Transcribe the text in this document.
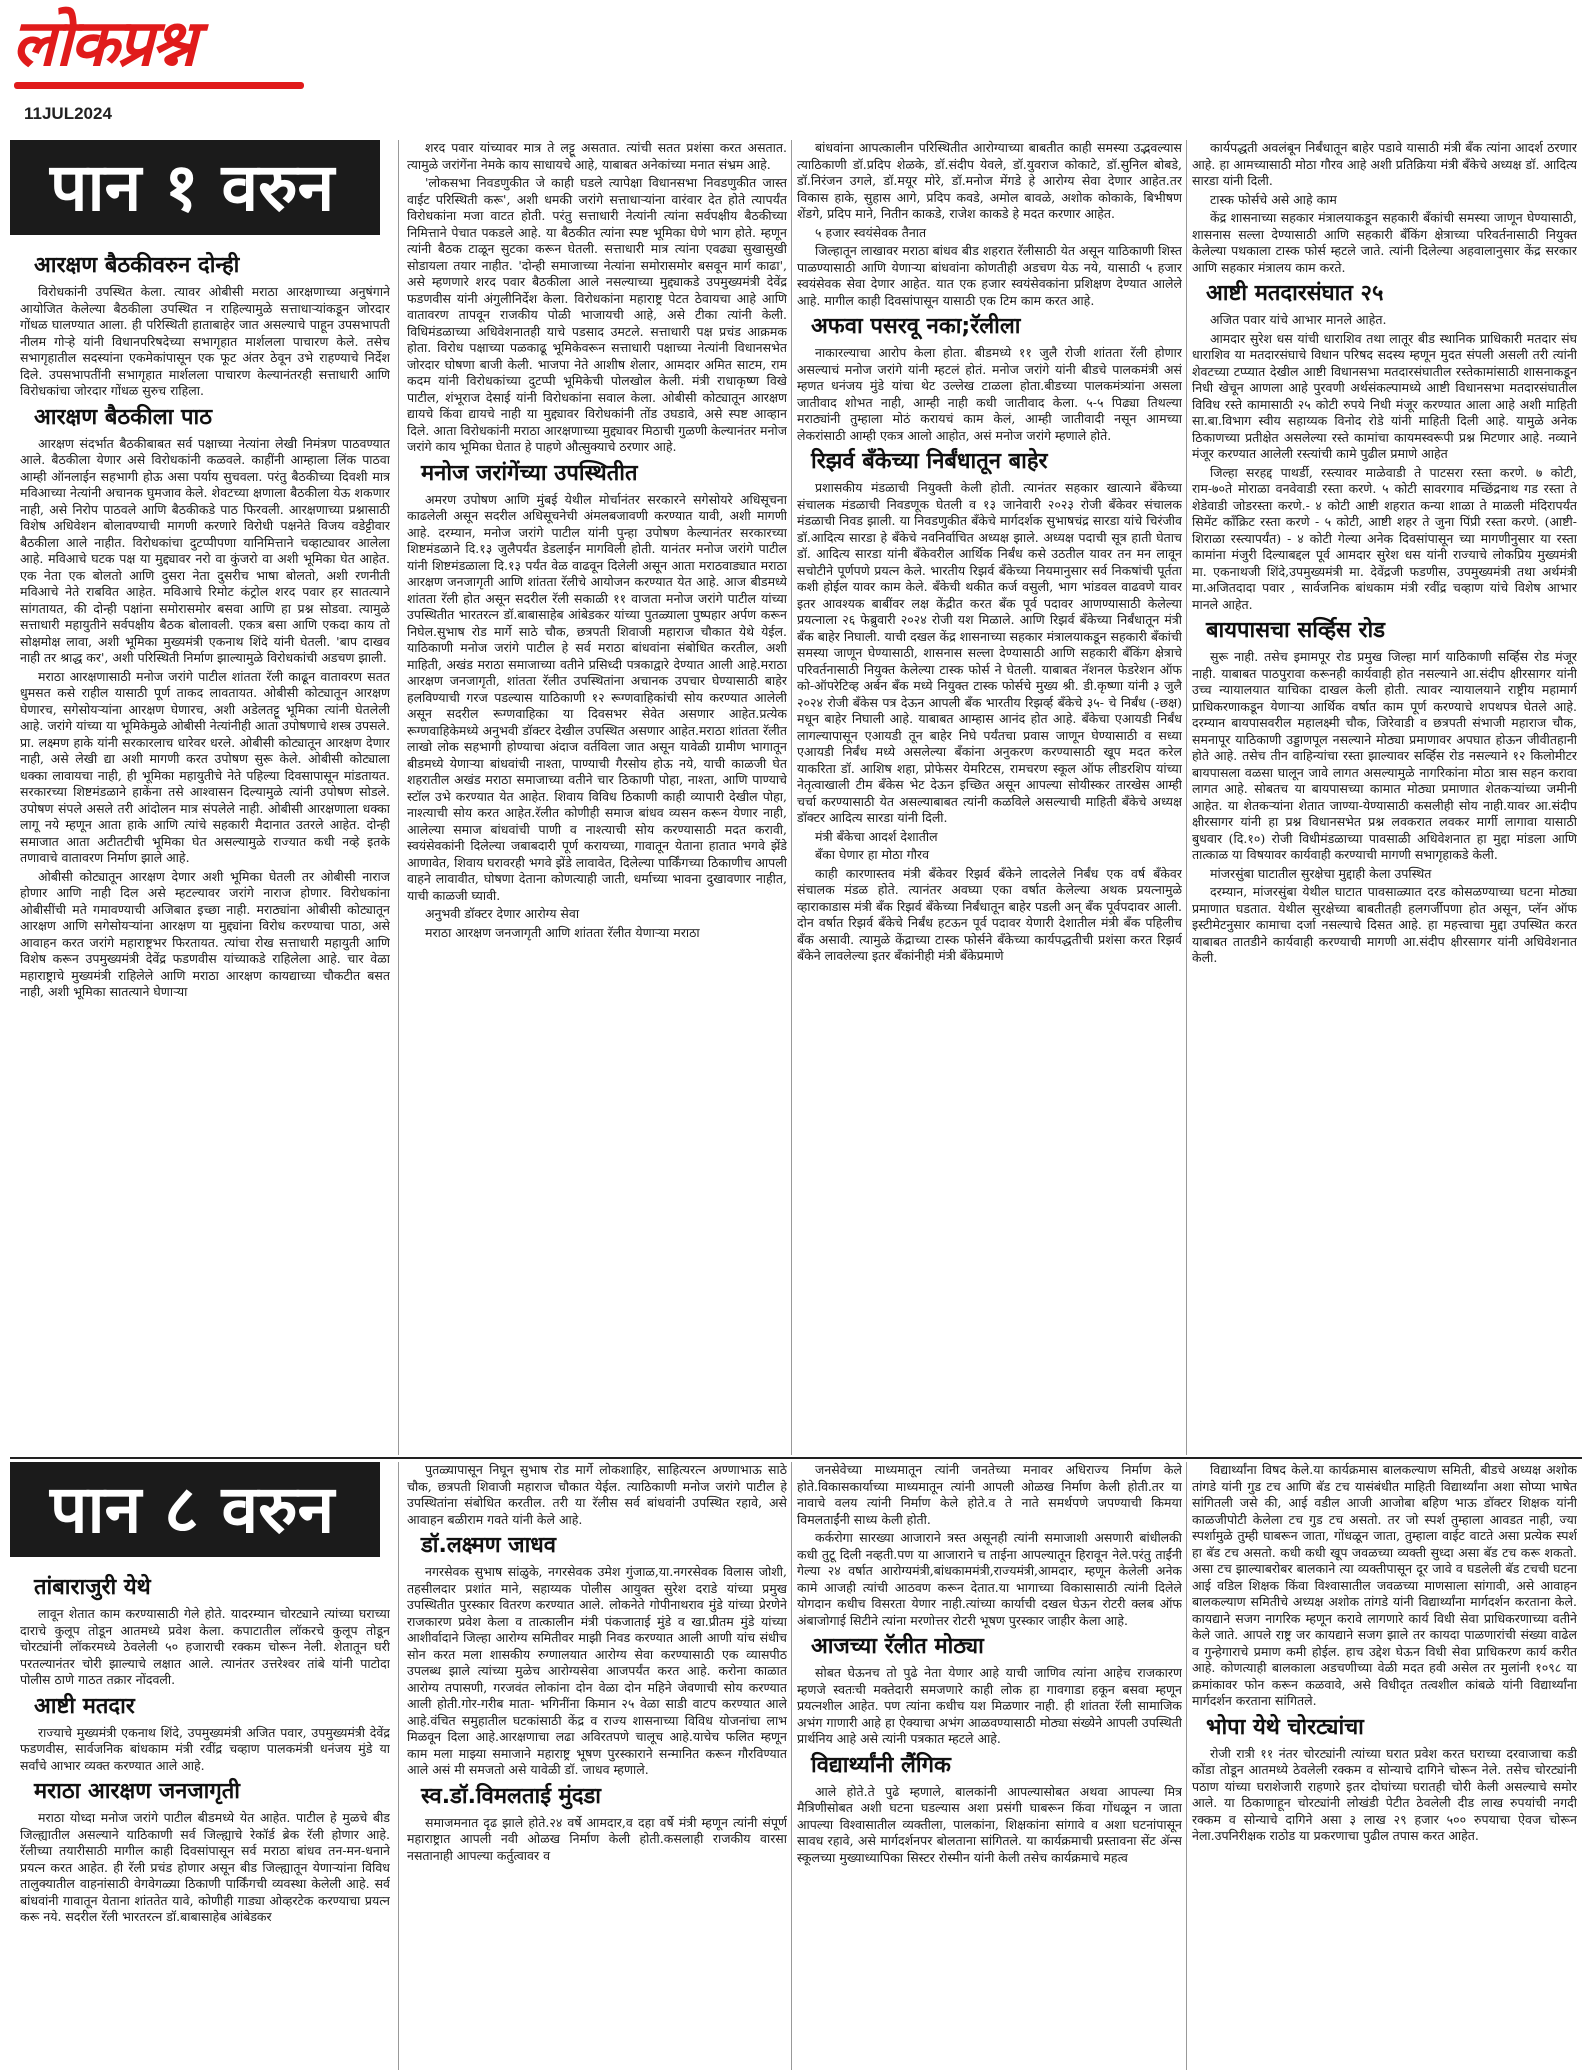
लोकप्रश्न
11JUL2024
पान १ वरुन
आरक्षण बैठकीवरुन दोन्ही

विरोधकांनी उपस्थित केला. त्यावर ओबीसी मराठा आरक्षणाच्या अनुषंगाने आयोजित केलेल्या बैठकीला उपस्थित न राहिल्यामुळे सत्ताधाऱ्यांकडून जोरदार गोंधळ घालण्यात आला. ही परिस्थिती हाताबाहेर जात असल्याचे पाहून उपसभापती नीलम गोऱ्हे यांनी विधानपरिषदेच्या सभागृहात मार्शलला पाचारण केले. तसेच सभागृहातील सदस्यांना एकमेकांपासून एक फूट अंतर ठेवून उभे राहण्याचे निर्देश दिले. उपसभापतींनी सभागृहात मार्शलला पाचारण केल्यानंतरही सत्ताधारी आणि विरोधकांचा जोरदार गोंधळ सुरुच राहिला.

आरक्षण बैठकीला पाठ

आरक्षण संदर्भात बैठकीबाबत सर्व पक्षाच्या नेत्यांना लेखी निमंत्रण पाठवण्यात आले. बैठकीला येणार असे विरोधकांनी कळवले. काहींनी आम्हाला लिंक पाठवा आम्ही ऑनलाईन सहभागी होऊ असा पर्याय सुचवला. परंतु बैठकीच्या दिवशी मात्र मविआच्या नेत्यांनी अचानक घुमजाव केले. शेवटच्या क्षणाला बैठकीला येऊ शकणार नाही, असे निरोप पाठवले आणि बैठकीकडे पाठ फिरवली. आरक्षणाच्या प्रश्नासाठी विशेष अधिवेशन बोलावण्याची मागणी करणारे विरोधी पक्षनेते विजय वडेट्टीवार बैठकीला आले नाहीत. विरोधकांचा दुटप्पीपणा यानिमित्ताने चव्हाट्यावर आलेला आहे. मविआचे घटक पक्ष या मुद्द्यावर नरो वा कुंजरो वा अशी भूमिका घेत आहेत. एक नेता एक बोलतो आणि दुसरा नेता दुसरीच भाषा बोलतो, अशी रणनीती मविआचे नेते राबवित आहेत. मविआचे रिमोट कंट्रोल शरद पवार हर सातत्याने सांगतायत, की दोन्ही पक्षांना समोरासमोर बसवा आणि हा प्रश्न सोडवा. त्यामुळे सत्ताधारी महायुतीने सर्वपक्षीय बैठक बोलावली. एकत्र बसा आणि एकदा काय तो सोक्षमोक्ष लावा, अशी भूमिका मुख्यमंत्री एकनाथ शिंदे यांनी घेतली. 'बाप दाखव नाही तर श्राद्ध कर', अशी परिस्थिती निर्माण झाल्यामुळे विरोधकांची अडचण झाली.

मराठा आरक्षणासाठी मनोज जरांगे पाटील शांतता रॅली काढून वातावरण सतत धुमसत कसे राहील यासाठी पूर्ण ताकद लावतायत. ओबीसी कोट्यातून आरक्षण घेणारच, सगेसोयऱ्यांना आरक्षण घेणारच, अशी अडेलतट्टू भूमिका त्यांनी घेतलेली आहे. जरांगे यांच्या या भूमिकेमुळे ओबीसी नेत्यांनीही आता उपोषणाचे शस्त्र उपसले. प्रा. लक्ष्मण हाके यांनी सरकारलाच धारेवर धरले. ओबीसी कोट्यातून आरक्षण देणार नाही, असे लेखी द्या अशी मागणी करत उपोषण सुरू केले. ओबीसी कोट्याला धक्का लावायचा नाही, ही भूमिका महायुतीचे नेते पहिल्या दिवसापासून मांडतायत. सरकारच्या शिष्टमंडळाने हाकेंना तसे आश्वासन दिल्यामुळे त्यांनी उपोषण सोडले. उपोषण संपले असले तरी आंदोलन मात्र संपलेले नाही. ओबीसी आरक्षणाला धक्का लागू नये म्हणून आता हाके आणि त्यांचे सहकारी मैदानात उतरले आहेत. दोन्ही समाजात आता अटीतटीची भूमिका घेत असल्यामुळे राज्यात कधी नव्हे इतके तणावाचे वातावरण निर्माण झाले आहे.

ओबीसी कोट्यातून आरक्षण देणार अशी भूमिका घेतली तर ओबीसी नाराज होणार आणि नाही दिल असे म्हटल्यावर जरांगे नाराज होणार. विरोधकांना ओबीसींची मते गमावण्याची अजिबात इच्छा नाही. मराठ्यांना ओबीसी कोट्यातून आरक्षण आणि सगेसोयऱ्यांना आरक्षण या मुद्द्यांना विरोध करण्याचा पाठा, असे आवाहन करत जरांगे महाराष्ट्रभर फिरतायत. त्यांचा रोख सत्ताधारी महायुती आणि विशेष करून उपमुख्यमंत्री देवेंद्र फडणवीस यांच्याकडे राहिलेला आहे. चार वेळा महाराष्ट्राचे मुख्यमंत्री राहिलेले आणि मराठा आरक्षण कायद्याच्या चौकटीत बसत नाही, अशी भूमिका सातत्याने घेणाऱ्या

शरद पवार यांच्यावर मात्र ते लट्टू असतात. त्यांची सतत प्रशंसा करत असतात. त्यामुळे जरांगेंना नेमके काय साधायचे आहे, याबाबत अनेकांच्या मनात संभ्रम आहे.

'लोकसभा निवडणुकीत जे काही घडले त्यापेक्षा विधानसभा निवडणुकीत जास्त वाईट परिस्थिती करू', अशी धमकी जरांगे सत्ताधाऱ्यांना वारंवार देत होते त्यापर्यंत विरोधकांना मजा वाटत होती. परंतु सत्ताधारी नेत्यांनी त्यांना सर्वपक्षीय बैठकीच्या निमित्ताने पेचात पकडले आहे. या बैठकीत त्यांना स्पष्ट भूमिका घेणे भाग होते. म्हणून त्यांनी बैठक टाळून सुटका करून घेतली. सत्ताधारी मात्र त्यांना एवढ्या सुखासुखी सोडायला तयार नाहीत. 'दोन्ही समाजाच्या नेत्यांना समोरासमोर बसवून मार्ग काढा', असे म्हणणारे शरद पवार बैठकीला आले नसल्याच्या मुद्द्याकडे उपमुख्यमंत्री देवेंद्र फडणवीस यांनी अंगुलीनिर्देश केला. विरोधकांना महाराष्ट्र पेटत ठेवायचा आहे आणि वातावरण तापवून राजकीय पोळी भाजायची आहे, असे टीका त्यांनी केली. विधिमंडळाच्या अधिवेशनातही याचे पडसाद उमटले. सत्ताधारी पक्ष प्रचंड आक्रमक होता. विरोध पक्षाच्या पळकाढू भूमिकेवरून सत्ताधारी पक्षाच्या नेत्यांनी विधानसभेत जोरदार घोषणा बाजी केली. भाजपा नेते आशीष शेलार, आमदार अमित साटम, राम कदम यांनी विरोधकांच्या दुटप्पी भूमिकेची पोलखोल केली. मंत्री राधाकृष्ण विखे पाटील, शंभूराज देसाई यांनी विरोधकांना सवाल केला. ओबीसी कोट्यातून आरक्षण द्यायचे किंवा द्यायचे नाही या मुद्द्यावर विरोधकांनी तोंड उघडावे, असे स्पष्ट आव्हान दिले. आता विरोधकांनी मराठा आरक्षणाच्या मुद्द्यावर मिठाची गुळणी केल्यानंतर मनोज जरांगे काय भूमिका घेतात हे पाहणे औत्सुक्याचे ठरणार आहे.

मनोज जरांगेंच्या उपस्थितीत

अमरण उपोषण आणि मुंबई येथील मोर्चानंतर सरकारने सगेसोयरे अधिसूचना काढलेली असून सदरील अधिसूचनेची अंमलबजावणी करण्यात यावी, अशी मागणी आहे. दरम्यान, मनोज जरांगे पाटील यांनी पुन्हा उपोषण केल्यानंतर सरकारच्या शिष्टमंडळाने दि.१३ जुलैपर्यंत डेडलाईन मागविली होती. यानंतर मनोज जरांगे पाटील यांनी शिष्टमंडळाला दि.१३ पर्यंत वेळ वाढवून दिलेली असून आता मराठवाड्यात मराठा आरक्षण जनजागृती आणि शांतता रॅलीचे आयोजन करण्यात येत आहे. आज बीडमध्ये शांतता रॅली होत असून सदरील रॅली सकाळी ११ वाजता मनोज जरांगे पाटील यांच्या उपस्थितीत भारतरत्न डॉ.बाबासाहेब आंबेडकर यांच्या पुतळ्याला पुष्पहार अर्पण करून निघेल.सुभाष रोड मार्गे साठे चौक, छत्रपती शिवाजी महाराज चौकात येथे येईल. याठिकाणी मनोज जरांगे पाटील हे सर्व मराठा बांधवांना संबोधित करतील, अशी माहिती, अखंड मराठा समाजाच्या वतीने प्रसिध्दी पत्रकाद्वारे देण्यात आली आहे.मराठा आरक्षण जनजागृती, शांतता रॅलीत उपस्थितांना अचानक उपचार घेण्यासाठी बाहेर हलविण्याची गरज पडल्यास याठिकाणी १२ रूग्णवाहिकांची सोय करण्यात आलेली असून सदरील रूग्णवाहिका या दिवसभर सेवेत असणार आहेत.प्रत्येक रूग्णवाहिकेमध्ये अनुभवी डॉक्टर देखील उपस्थित असणार आहेत.मराठा शांतता रॅलीत लाखो लोक सहभागी होण्याचा अंदाज वर्तविला जात असून यावेळी ग्रामीण भागातून बीडमध्ये येणाऱ्या बांधवांची नाश्ता, पाण्याची गैरसोय होऊ नये, याची काळजी घेत शहरातील अखंड मराठा समाजाच्या वतीने चार ठिकाणी पोहा, नाश्ता, आणि पाण्याचे स्टॉल उभे करण्यात येत आहेत. शिवाय विविध ठिकाणी काही व्यापारी देखील पोहा, नाश्त्याची सोय करत आहेत.रॅलीत कोणीही समाज बांधव व्यसन करून येणार नाही, आलेल्या समाज बांधवांची पाणी व नाश्त्याची सोय करण्यासाठी मदत करावी, स्वयंसेवकांनी दिलेल्या जबाबदारी पूर्ण करायच्या, गावातून येताना हातात भगवे झेंडे आणावेत, शिवाय घरावरही भगवे झेंडे लावावेत, दिलेल्या पार्किंगच्या ठिकाणीच आपली वाहने लावावीत, घोषणा देताना कोणत्याही जाती, धर्माच्या भावना दुखावणार नाहीत, याची काळजी घ्यावी.

अनुभवी डॉक्टर देणार आरोग्य सेवा

मराठा आरक्षण जनजागृती आणि शांतता रॅलीत येणाऱ्या मराठा

बांधवांना आपत्कालीन परिस्थितीत आरोग्याच्या बाबतीत काही समस्या उद्भवल्यास त्याठिकाणी डॉ.प्रदिप शेळके, डॉ.संदीप येवले, डॉ.युवराज कोकाटे, डॉ.सुनिल बोबडे, डॉ.निरंजन उगले, डॉ.मयूर मोरे, डॉ.मनोज मेंगडे हे आरोग्य सेवा देणार आहेत.तर विकास हाके, सुहास आगे, प्रदिप कवडे, अमोल बावळे, अशोक कोकाके, बिभीषण शेंडगे, प्रदिप माने, नितीन काकडे, राजेश काकडे हे मदत करणार आहेत.

५ हजार स्वयंसेवक तैनात

जिल्हातून लाखावर मराठा बांधव बीड शहरात रॅलीसाठी येत असून याठिकाणी शिस्त पाळण्यासाठी आणि येणाऱ्या बांधवांना कोणतीही अडचण येऊ नये, यासाठी ५ हजार स्वयंसेवक सेवा देणार आहेत. यात एक हजार स्वयंसेवकांना प्रशिक्षण देण्यात आलेले आहे. मागील काही दिवसांपासून यासाठी एक टिम काम करत आहे.

अफवा पसरवू नका;रॅलीला

नाकारल्याचा आरोप केला होता. बीडमध्ये ११ जुलै रोजी शांतता रॅली होणार असल्याचं मनोज जरांगे यांनी म्हटलं होतं. मनोज जरांगे यांनी बीडचे पालकमंत्री असं म्हणत धनंजय मुंडे यांचा थेट उल्लेख टाळला होता.बीडच्या पालकमंत्र्यांना असला जातीवाद शोभत नाही, आम्ही नाही कधी जातीवाद केला. ५-५ पिढ्या तिथल्या मराठ्यांनी तुम्हाला मोठं करायचं काम केलं, आम्ही जातीवादी नसून आमच्या लेकरांसाठी आम्ही एकत्र आलो आहोत, असं मनोज जरांगे म्हणाले होते.

रिझर्व बँकेच्या निर्बंधातून बाहेर

प्रशासकीय मंडळाची नियुक्ती केली होती. त्यानंतर सहकार खात्याने बँकेच्या संचालक मंडळाची निवडणूक घेतली व १३ जानेवारी २०२३ रोजी बँकेवर संचालक मंडळाची निवड झाली. या निवडणुकीत बँकेचे मार्गदर्शक सुभाषचंद्र सारडा यांचे चिरंजीव डॉ.आदित्य सारडा हे बँकेचे नवनिर्वाचित अध्यक्ष झाले. अध्यक्ष पदाची सूत्र हाती घेताच डॉ. आदित्य सारडा यांनी बँकेवरील आर्थिक निर्बंध कसे उठतील यावर तन मन लावून सचोटीने पूर्णपणे प्रयत्न केले. भारतीय रिझर्व बँकेच्या नियमानुसार सर्व निकषांची पूर्तता कशी होईल यावर काम केले. बँकेची थकीत कर्ज वसुली, भाग भांडवल वाढवणे यावर इतर आवश्यक बाबींवर लक्ष केंद्रीत करत बँक पूर्व पदावर आणण्यासाठी केलेल्या प्रयत्नाला २६ फेब्रुवारी २०२४ रोजी यश मिळाले. आणि रिझर्व बँकेच्या निर्बंधातून मंत्री बँक बाहेर निघाली. याची दखल केंद्र शासनाच्या सहकार मंत्रालयाकडून सहकारी बँकांची समस्या जाणून घेण्यासाठी, शासनास सल्ला देण्यासाठी आणि सहकारी बँकिंग क्षेत्राचे परिवर्तनासाठी नियुक्त केलेल्या टास्क फोर्स ने घेतली. याबाबत नॅशनल फेडरेशन ऑफ को-ऑपरेटिव्ह अर्बन बँक मध्ये नियुक्त टास्क फोर्सचे मुख्य श्री. डी.कृष्णा यांनी ३ जुलै २०२४ रोजी बँकेस पत्र देऊन आपली बँक भारतीय रिझर्व्ह बँकेचे ३५- चे निर्बंध (-छक्ष) मधून बाहेर निघाली आहे. याबाबत आम्हास आनंद होत आहे. बँकेचा एआयडी निर्बंध लागल्यापासून एआयडी तून बाहेर निघे पर्यंतचा प्रवास जाणून घेण्यासाठी व सध्या एआयडी निर्बंध मध्ये असलेल्या बँकांना अनुकरण करण्यासाठी खूप मदत करेल याकरिता डॉ. आशिष शहा, प्रोफेसर येमरिटस, रामचरण स्कूल ऑफ लीडरशिप यांच्या नेतृत्वाखाली टीम बँकेस भेट देऊन इच्छित असून आपल्या सोयीस्कर तारखेस आम्ही चर्चा करण्यासाठी येत असल्याबाबत त्यांनी कळविले असल्याची माहिती बँकेचे अध्यक्ष डॉक्टर आदित्य सारडा यांनी दिली.

मंत्री बँकेचा आदर्श देशातील

बँका घेणार हा मोठा गौरव

काही कारणास्तव मंत्री बँकेवर रिझर्व बँकेने लादलेले निर्बंध एक वर्ष बँकेवर संचालक मंडळ होते. त्यानंतर अवघ्या एका वर्षात केलेल्या अथक प्रयत्नामुळे व्हाराकाडास मंत्री बँक रिझर्व बँकेच्या निर्बंधातून बाहेर पडली अन् बँक पूर्वपदावर आली. दोन वर्षात रिझर्व बँकेचे निर्बंध हटऊन पूर्व पदावर येणारी देशातील मंत्री बँक पहिलीच बँक असावी. त्यामुळे केंद्राच्या टास्क फोर्सने बँकेच्या कार्यपद्धतीची प्रशंसा करत रिझर्व बँकेने लावलेल्या इतर बँकांनीही मंत्री बँकेप्रमाणे

कार्यपद्धती अवलंबून निर्बंधातून बाहेर पडावे यासाठी मंत्री बँक त्यांना आदर्श ठरणार आहे. हा आमच्यासाठी मोठा गौरव आहे अशी प्रतिक्रिया मंत्री बँकेचे अध्यक्ष डॉ. आदित्य सारडा यांनी दिली.

टास्क फोर्सचे असे आहे काम

केंद्र शासनाच्या सहकार मंत्रालयाकडून सहकारी बँकांची समस्या जाणून घेण्यासाठी, शासनास सल्ला देण्यासाठी आणि सहकारी बँकिंग क्षेत्राच्या परिवर्तनासाठी नियुक्त केलेल्या पथकाला टास्क फोर्स म्हटले जाते. त्यांनी दिलेल्या अहवालानुसार केंद्र सरकार आणि सहकार मंत्रालय काम करते.

आष्टी मतदारसंघात २५

अजित पवार यांचे आभार मानले आहेत.

आमदार सुरेश धस यांची धाराशिव तथा लातूर बीड स्थानिक प्राधिकारी मतदार संघ धाराशिव या मतदारसंघाचे विधान परिषद सदस्य म्हणून मुदत संपली असली तरी त्यांनी शेवटच्या टप्प्यात देखील आष्टी विधानसभा मतदारसंघातील रस्तेकामांसाठी शासनाकडून निधी खेचून आणला आहे पुरवणी अर्थसंकल्पामध्ये आष्टी विधानसभा मतदारसंघातील विविध रस्ते कामासाठी २५ कोटी रुपये निधी मंजूर करण्यात आला आहे अशी माहिती सा.बा.विभाग स्वीय सहाय्यक विनोद रोडे यांनी माहिती दिली आहे. यामुळे अनेक ठिकाणच्या प्रतीक्षेत असलेल्या रस्ते कामांचा कायमस्वरूपी प्रश्न मिटणार आहे. नव्याने मंजूर करण्यात आलेली रस्त्यांची कामे पुढील प्रमाणे आहेत

जिल्हा सरहद्द पाथर्डी, रस्त्यावर माळेवाडी ते पाटसरा रस्ता करणे. ७ कोटी, राम-७०ते मोराळा वनवेवाडी रस्ता करणे. ५ कोटी सावरगाव मच्छिंद्रनाथ गड रस्ता ते शेडेवाडी जोडरस्ता करणे.- ४ कोटी आष्टी शहरात कन्या शाळा ते माळली मंदिरापर्यंत सिमेंट कॉंक्रिट रस्ता करणे - ५ कोटी, आष्टी शहर ते जुना पिंप्री रस्ता करणे. (आष्टी-शिराळा रस्त्यापर्यंत) - ४ कोटी गेल्या अनेक दिवसांपासून च्या मागणीनुसार या रस्ता कामांना मंजुरी दिल्याबद्दल पूर्व आमदार सुरेश धस यांनी राज्याचे लोकप्रिय मुख्यमंत्री मा. एकनाथजी शिंदे,उपमुख्यमंत्री मा. देवेंद्रजी फडणीस, उपमुख्यमंत्री तथा अर्थमंत्री मा.अजितदादा पवार , सार्वजनिक बांधकाम मंत्री रवींद्र चव्हाण यांचे विशेष आभार मानले आहेत.

बायपासचा सर्व्हिस रोड

सुरू नाही. तसेच इमामपूर रोड प्रमुख जिल्हा मार्ग याठिकाणी सर्व्हिस रोड मंजूर नाही. याबाबत पाठपुरावा करूनही कार्यवाही होत नसल्याने आ.संदीप क्षीरसागर यांनी उच्च न्यायालयात याचिका दाखल केली होती. त्यावर न्यायालयाने राष्ट्रीय महामार्ग प्राधिकरणाकडून येणार्‍या आर्थिक वर्षात काम पूर्ण करण्याचे शपथपत्र घेतले आहे. दरम्यान बायपासवरील महालक्ष्मी चौक, जिरेवाडी व छत्रपती संभाजी महाराज चौक, समनापूर याठिकाणी उड्डाणपूल नसल्याने मोठ्या प्रमाणावर अपघात होऊन जीवीतहानी होते आहे. तसेच तीन वाहिन्यांचा रस्ता झाल्यावर सर्व्हिस रोड नसल्याने १२ किलोमीटर बायपासला वळसा घालून जावे लागत असल्यामुळे नागरिकांना मोठा त्रास सहन करावा लागत आहे. सोबतच या बायपासच्या कामात मोठ्या प्रमाणात शेतकऱ्यांच्या जमीनी आहेत. या शेतकऱ्यांना शेतात जाण्या-येण्यासाठी कसलीही सोय नाही.यावर आ.संदीप क्षीरसागर यांनी हा प्रश्न विधानसभेत प्रश्न लवकरात लवकर मार्गी लागावा यासाठी बुधवार (दि.१०) रोजी विधीमंडळाच्या पावसाळी अधिवेशनात हा मुद्दा मांडला आणि तात्काळ या विषयावर कार्यवाही करण्याची मागणी सभागृहाकडे केली.

मांजरसुंबा घाटातील सुरक्षेचा मुद्दाही केला उपस्थित

दरम्यान, मांजरसुंबा येथील घाटात पावसाळ्यात दरड कोसळण्याच्या घटना मोठ्या प्रमाणात घडतात. येथील सुरक्षेच्या बाबतीतही हलगर्जीपणा होत असून, प्लॅन ऑफ इस्टीमेटनुसार कामाचा दर्जा नसल्याचे दिसत आहे. हा महत्त्वाचा मुद्दा उपस्थित करत याबाबत तातडीने कार्यवाही करण्याची मागणी आ.संदीप क्षीरसागर यांनी अधिवेशनात केली.

पान ८ वरुन
तांबाराजुरी येथे

लावून शेतात काम करण्यासाठी गेले होते. यादरम्यान चोरट्याने त्यांच्या घराच्या दाराचे कुलूप तोडून आतमध्ये प्रवेश केला. कपाटातील लॉकरचे कुलूप तोडून चोरट्यांनी लॉकरमध्ये ठेवलेली ५० हजाराची रक्कम चोरून नेली. शेतातून घरी परतल्यानंतर चोरी झाल्याचे लक्षात आले. त्यानंतर उत्तरेश्वर तांबे यांनी पाटोदा पोलीस ठाणे गाठत तक्रार नोंदवली.

आष्टी मतदार

राज्याचे मुख्यमंत्री एकनाथ शिंदे, उपमुख्यमंत्री अजित पवार, उपमुख्यमंत्री देवेंद्र फडणवीस, सार्वजनिक बांधकाम मंत्री रवींद्र चव्हाण पालकमंत्री धनंजय मुंडे या सर्वांचे आभार व्यक्त करण्यात आले आहे.

मराठा आरक्षण जनजागृती

मराठा योध्दा मनोज जरांगे पाटील बीडमध्ये येत आहेत. पाटील हे मुळचे बीड जिल्ह्यातील असल्याने याठिकाणी सर्व जिल्ह्याचे रेकॉर्ड ब्रेक रॅली होणार आहे. रॅलीच्या तयारीसाठी मागील काही दिवसांपासून सर्व मराठा बांधव तन-मन-धनाने प्रयत्न करत आहेत. ही रॅली प्रचंड होणार असून बीड जिल्ह्यातून येणाऱ्यांना विविध तालुक्यातील वाहनांसाठी वेगवेगळ्या ठिकाणी पार्किंगची व्यवस्था केलेली आहे. सर्व बांधवांनी गावातून येताना शांततेत यावे, कोणीही गाड्या ओव्हरटेक करण्याचा प्रयत्न करू नये. सदरील रॅली भारतरत्न डॉ.बाबासाहेब आंबेडकर

पुतळ्यापासून निघून सुभाष रोड मार्गे लोकशाहिर, साहित्यरत्न अण्णाभाऊ साठे चौक, छत्रपती शिवाजी महाराज चौकात येईल. त्याठिकाणी मनोज जरांगे पाटील हे उपस्थितांना संबोधित करतील. तरी या रॅलीस सर्व बांधवांनी उपस्थित रहावे, असे आवाहन बळीराम गवते यांनी केले आहे.

डॉ.लक्ष्मण जाधव

नगरसेवक सुभाष सांळुके, नगरसेवक उमेश गुंजाळ,या.नगरसेवक विलास जोशी, तहसीलदार प्रशांत माने, सहाय्यक पोलीस आयुक्त सुरेश दराडे यांच्या प्रमुख उपस्थितीत पुरस्कार वितरण करण्यात आले. लोकनेते गोपीनाथराव मुंडे यांच्या प्रेरणेने राजकारण प्रवेश केला व तात्कालीन मंत्री पंकजाताई मुंडे व खा.प्रीतम मुंडे यांच्या आशीर्वादाने जिल्हा आरोग्य समितीवर माझी निवड करण्यात आली आणी यांच संधीच सोन करत मला शासकीय रुग्णालयात आरोग्य सेवा करण्यासाठी एक व्यासपीठ उपलब्ध झाले त्यांच्या मुळेच आरोग्यसेवा आजपर्यंत करत आहे. करोना काळात आरोग्य तपासणी, गरजवंत लोकांना दोन वेळा दोन महिने जेवणाची सोय करण्यात आली होती.गोर-गरीब माता- भगिनींना किमान २५ वेळा साडी वाटप करण्यात आले आहे.वंचित समुहातील घटकांसाठी केंद्र व राज्य शासनाच्या विविध योजनांचा लाभ मिळवून दिला आहे.आरक्षणाचा लढा अविरतपणे चालूच आहे.याचेच फलित म्हणून काम मला माझ्या समाजाने महाराष्ट्र भूषण पुरस्काराने सन्मानित करून गौरविण्यात आले असं मी समजतो असे यावेळी डॉ. जाधव म्हणाले.

स्व.डॉ.विमलताई मुंदडा

समाजमनात दृढ झाले होते.२४ वर्षे आमदार,व दहा वर्षे मंत्री म्हणून त्यांनी संपूर्ण महाराष्ट्रात आपली नवी ओळख निर्माण केली होती.कसलाही राजकीय वारसा नसतानाही आपल्या कर्तुत्वावर व

जनसेवेच्या माध्यमातून त्यांनी जनतेच्या मनावर अधिराज्य निर्माण केले होते.विकासकार्याच्या माध्यमातून त्यांनी आपली ओळख निर्माण केली होती.तर या नावाचे वलय त्यांनी निर्माण केले होते.व ते नाते समर्थपणे जपण्याची किमया विमलताईंनी साध्य केली होती.

कर्करोगा सारख्या आजाराने त्रस्त असूनही त्यांनी समाजाशी असणारी बांधीलकी कधी तुटू दिली नव्हती.पण या आजाराने च ताईना आपल्यातून हिरावून नेले.परंतु ताईंनी गेल्या २४ वर्षात आरोग्यमंत्री,बांधकाममंत्री,राज्यमंत्री,आमदार, म्हणून केलेली अनेक कामे आजही त्यांची आठवण करून देतात.या भागाच्या विकासासाठी त्यांनी दिलेले योगदान कधीच विसरता येणार नाही.त्यांच्या कार्याची दखल घेऊन रोटरी क्लब ऑफ अंबाजोगाई सिटीने त्यांना मरणोत्तर रोटरी भूषण पुरस्कार जाहीर केला आहे.

आजच्या रॅलीत मोठ्या

सोबत घेऊनच तो पुढे नेता येणार आहे याची जाणिव त्यांना आहेच राजकारण म्हणजे स्वतःची मक्तेदारी समजणारे काही लोक हा गावगाडा हकून बसवा म्हणून प्रयत्नशील आहेत. पण त्यांना कधीच यश मिळणार नाही. ही शांतता रॅली सामाजिक अभंग गाणारी आहे हा ऐक्याचा अभंग आळवण्यासाठी मोठ्या संख्येने आपली उपस्थिती प्रार्थनिय आहे असे त्यांनी पत्रकात म्हटले आहे.

विद्यार्थ्यांनी लैंगिक

आले होते.ते पुढे म्हणाले, बालकांनी आपल्यासोबत अथवा आपल्या मित्र मैत्रिणीसोबत अशी घटना घडल्यास अशा प्रसंगी घाबरून किंवा गोंधळून न जाता आपल्या विश्वासातील व्यक्तीला, पालकांना, शिक्षकांना सांगावे व अशा घटनांपासून सावध रहावे, असे मार्गदर्शनपर बोलताना सांगितले. या कार्यक्रमाची प्रस्तावना सेंट ॲन्स स्कूलच्या मुख्याध्यापिका सिस्टर रोस्मीन यांनी केली तसेच कार्यक्रमाचे महत्व

विद्यार्थ्यांना विषद केले.या कार्यक्रमास बालकल्याण समिती, बीडचे अध्यक्ष अशोक तांगडे यांनी गुड टच आणि बॅड टच यासंबंधीत माहिती विद्यार्थ्यांना अशा सोप्या भाषेत सांगितली जसे की, आई वडील आजी आजोबा बहिण भाऊ डॉक्टर शिक्षक यांनी काळजीपोटी केलेला टच गुड टच असतो. तर जो स्पर्श तुम्हाला आवडत नाही, ज्या स्पर्शामुळे तुम्ही घाबरून जाता, गोंधळून जाता, तुम्हाला वाईट वाटते असा प्रत्येक स्पर्श हा बॅड टच असतो. कधी कधी खूप जवळच्या व्यक्ती सुध्दा असा बॅड टच करू शकतो. असा टच झाल्याबरोबर बालकाने त्या व्यक्तीपासून दूर जावे व घडलेली बॅड टचची घटना आई वडिल शिक्षक किंवा विश्वासातील जवळच्या माणसाला सांगावी, असे आवाहन बालकल्याण समितीचे अध्यक्ष अशोक तांगडे यांनी विद्यार्थ्यांना मार्गदर्शन करताना केले. कायद्याने सजग नागरिक म्हणून करावे लागणारे कार्य विधी सेवा प्राधिकरणाच्या वतीने केले जाते. आपले राष्ट्र जर कायद्याने सजग झाले तर कायदा पाळणारांची संख्या वाढेल व गुन्हेगाराचे प्रमाण कमी होईल. हाच उद्देश घेऊन विधी सेवा प्राधिकरण कार्य करीत आहे. कोणत्याही बालकाला अडचणीच्या वेळी मदत हवी असेल तर मुलांनी १०९८ या क्रमांकावर फोन करून कळवावे, असे विधीदृत तत्वशील कांबळे यांनी विद्यार्थ्यांना मार्गदर्शन करताना सांगितले.

भोपा येथे चोरट्यांचा

रोजी रात्री ११ नंतर चोरट्यांनी त्यांच्या घरात प्रवेश करत घराच्या दरवाजाचा कडी कोंडा तोडून आतमध्ये ठेवलेली रक्कम व सोन्याचे दागिने चोरून नेले. तसेच चोरट्यांनी पठाण यांच्या घराशेजारी राहणारे इतर दोघांच्या घरातही चोरी केली असल्याचे समोर आले. या ठिकाणाहून चोरट्यांनी लोखंडी पेटीत ठेवलेली दीड लाख रुपयांची नगदी रक्कम व सोन्याचे दागिने असा ३ लाख २९ हजार ५०० रुपयाचा ऐवज चोरून नेला.उपनिरीक्षक राठोड या प्रकरणाचा पुढील तपास करत आहेत.
